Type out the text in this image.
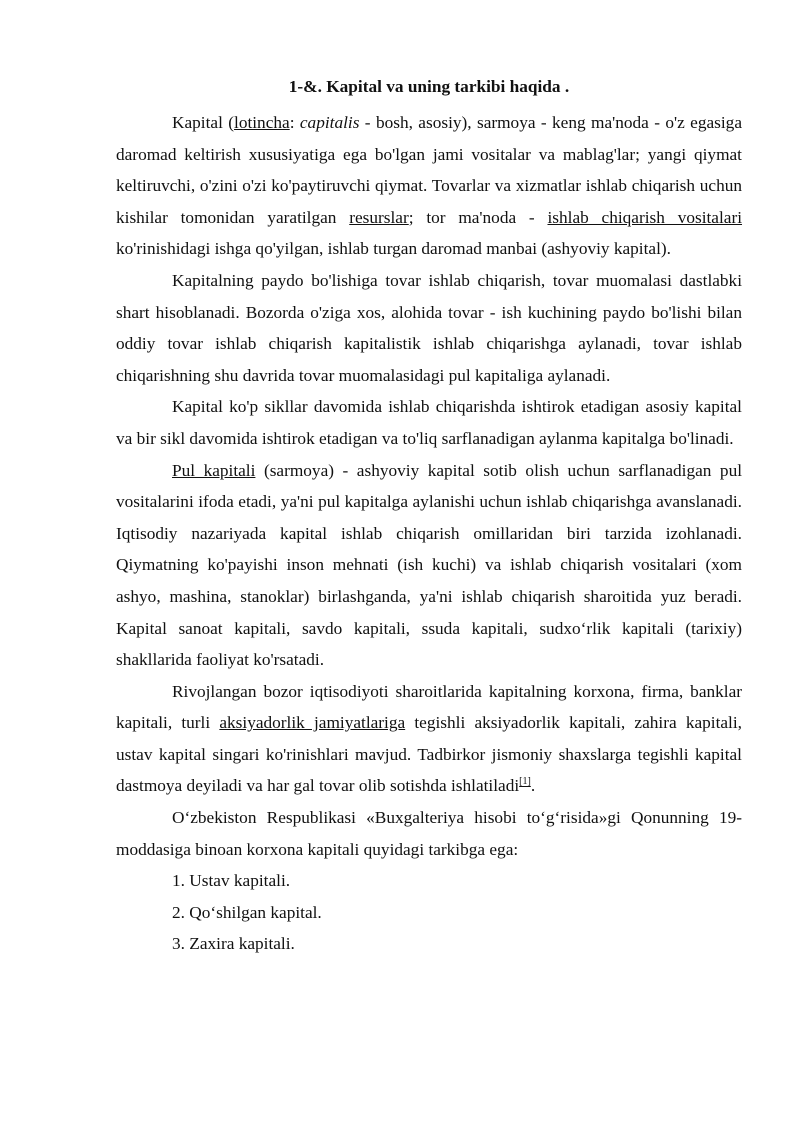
1-&. Kapital va uning tarkibi haqida .

Kapital (lotincha: capitalis - bosh, asosiy), sarmoya - keng ma'noda - o'z egasiga daromad keltirish xususiyatiga ega bo'lgan jami vositalar va mablag'lar; yangi qiymat keltiruvchi, o'zini o'zi ko'paytiruvchi qiymat. Tovarlar va xizmatlar ishlab chiqarish uchun kishilar tomonidan yaratilgan resurslar; tor ma'noda - ishlab chiqarish vositalari ko'rinishidagi ishga qo'yilgan, ishlab turgan daromad manbai (ashyoviy kapital).

Kapitalning paydo bo'lishiga tovar ishlab chiqarish, tovar muomalasi dastlabki shart hisoblanadi. Bozorda o'ziga xos, alohida tovar - ish kuchining paydo bo'lishi bilan oddiy tovar ishlab chiqarish kapitalistik ishlab chiqarishga aylanadi, tovar ishlab chiqarishning shu davrida tovar muomalasidagi pul kapitaliga aylanadi.

Kapital ko'p sikllar davomida ishlab chiqarishda ishtirok etadigan asosiy kapital va bir sikl davomida ishtirok etadigan va to'liq sarflanadigan aylanma kapitalga bo'linadi.

Pul kapitali (sarmoya) - ashyoviy kapital sotib olish uchun sarflanadigan pul vositalarini ifoda etadi, ya'ni pul kapitalga aylanishi uchun ishlab chiqarishga avanslanadi. Iqtisodiy nazariyada kapital ishlab chiqarish omillaridan biri tarzida izohlanadi. Qiymatning ko'payishi inson mehnati (ish kuchi) va ishlab chiqarish vositalari (xom ashyo, mashina, stanoklar) birlashganda, ya'ni ishlab chiqarish sharoitida yuz beradi. Kapital sanoat kapitali, savdo kapitali, ssuda kapitali, sudxo‘rlik kapitali (tarixiy) shakllarida faoliyat ko'rsatadi.

Rivojlangan bozor iqtisodiyoti sharoitlarida kapitalning korxona, firma, banklar kapitali, turli aksiyadorlik jamiyatlariga tegishli aksiyadorlik kapitali, zahira kapitali, ustav kapital singari ko'rinishlari mavjud. Tadbirkor jismoniy shaxslarga tegishli kapital dastmoya deyiladi va har gal tovar olib sotishda ishlatiladi[1].

O‘zbekiston Respublikasi «Buxgalteriya hisobi to‘g‘risida»gi Qonunning 19-moddasiga binoan korxona kapitali quyidagi tarkibga ega:

1. Ustav kapitali.

2. Qo‘shilgan kapital.

3. Zaxira kapitali.
